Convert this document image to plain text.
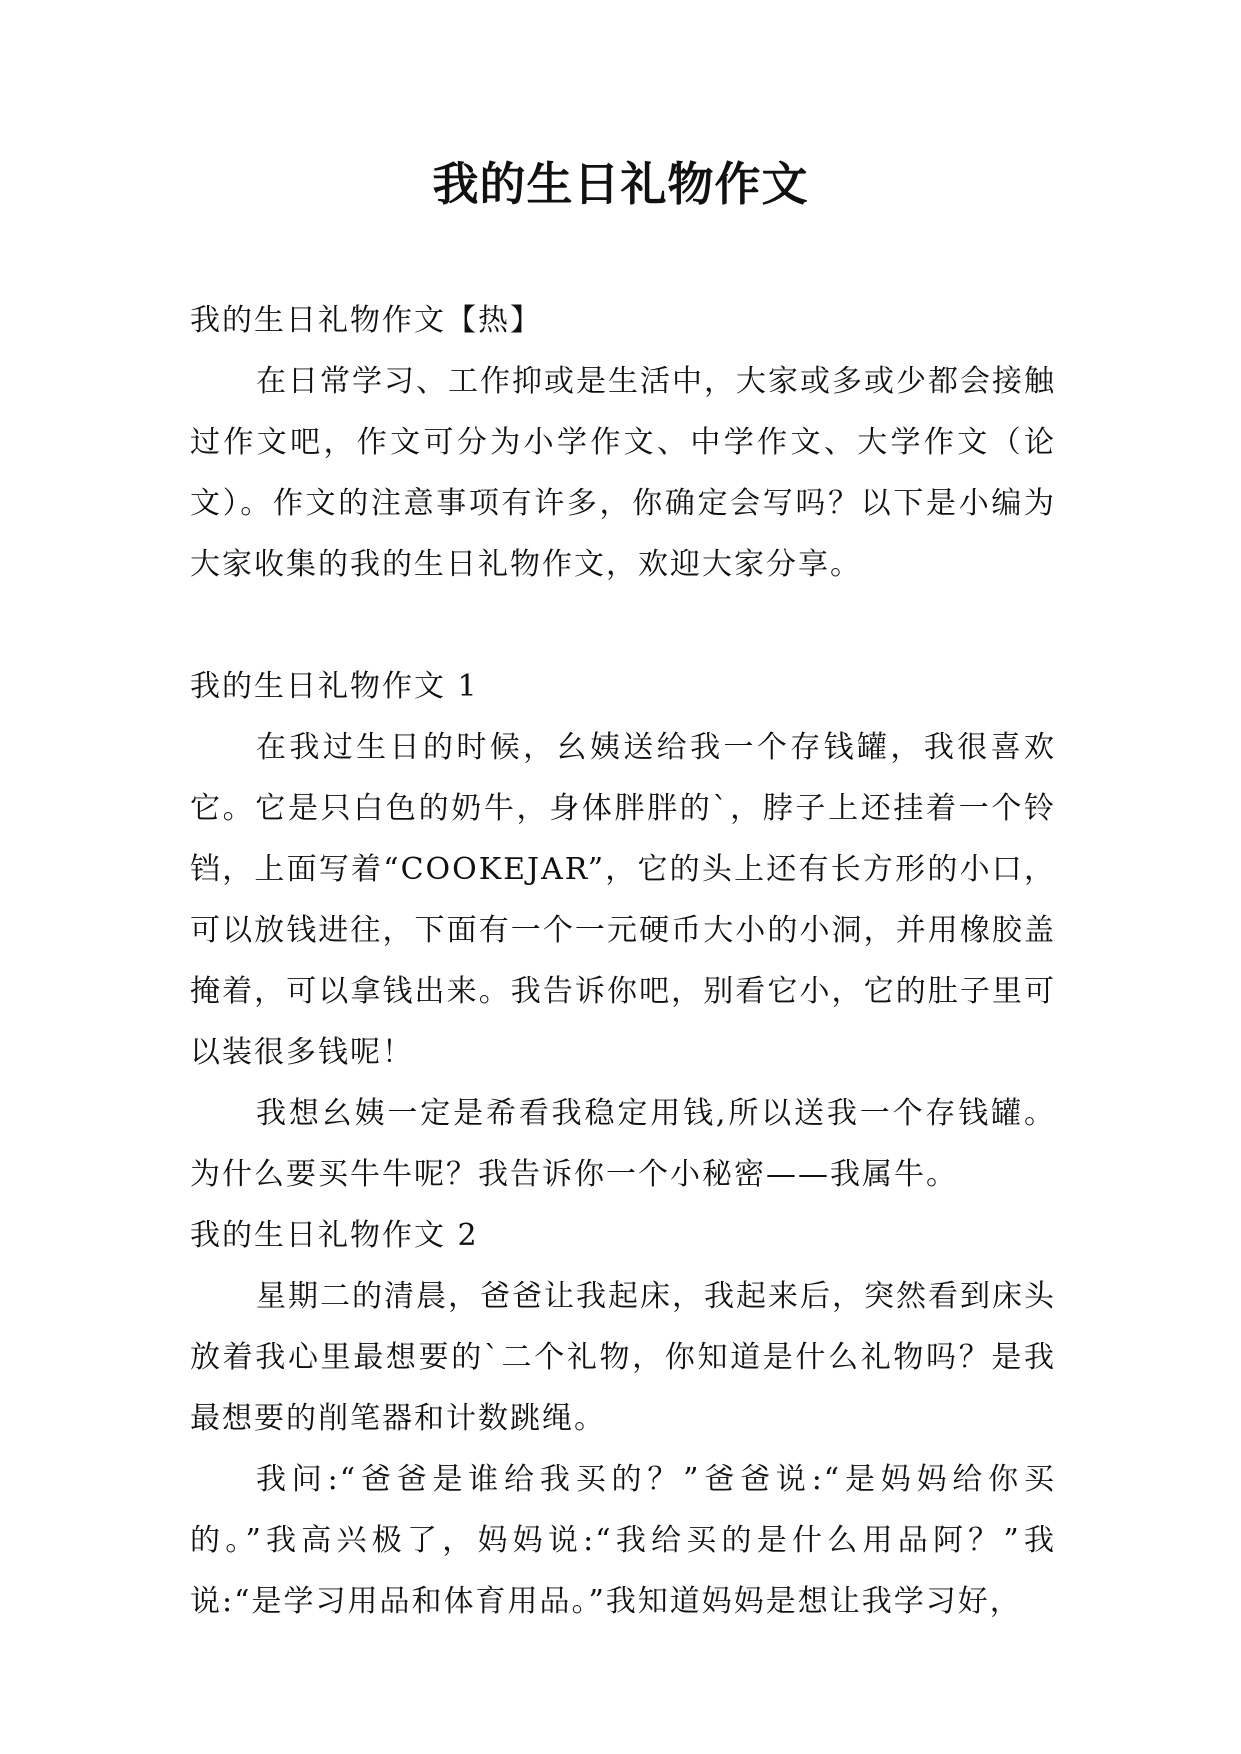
我的生日礼物作文

我的生日礼物作文【热】

在日常学习、工作抑或是生活中，大家或多或少都会接触过作文吧，作文可分为小学作文、中学作文、大学作文（论文）。作文的注意事项有许多，你确定会写吗？以下是小编为大家收集的我的生日礼物作文，欢迎大家分享。

我的生日礼物作文 1

在我过生日的时候，幺姨送给我一个存钱罐，我很喜欢它。它是只白色的奶牛，身体胖胖的`，脖子上还挂着一个铃铛，上面写着“COOKEJAR”，它的头上还有长方形的小口，可以放钱进往，下面有一个一元硬币大小的小洞，并用橡胶盖掩着，可以拿钱出来。我告诉你吧，别看它小，它的肚子里可以装很多钱呢！

我想幺姨一定是希看我稳定用钱,所以送我一个存钱罐。为什么要买牛牛呢？我告诉你一个小秘密——我属牛。

我的生日礼物作文 2

星期二的清晨，爸爸让我起床，我起来后，突然看到床头放着我心里最想要的`二个礼物，你知道是什么礼物吗？是我最想要的削笔器和计数跳绳。

我问:“爸爸是谁给我买的？”爸爸说:“是妈妈给你买的。”我高兴极了，妈妈说:“我给买的是什么用品阿？”我说:“是学习用品和体育用品。”我知道妈妈是想让我学习好，
